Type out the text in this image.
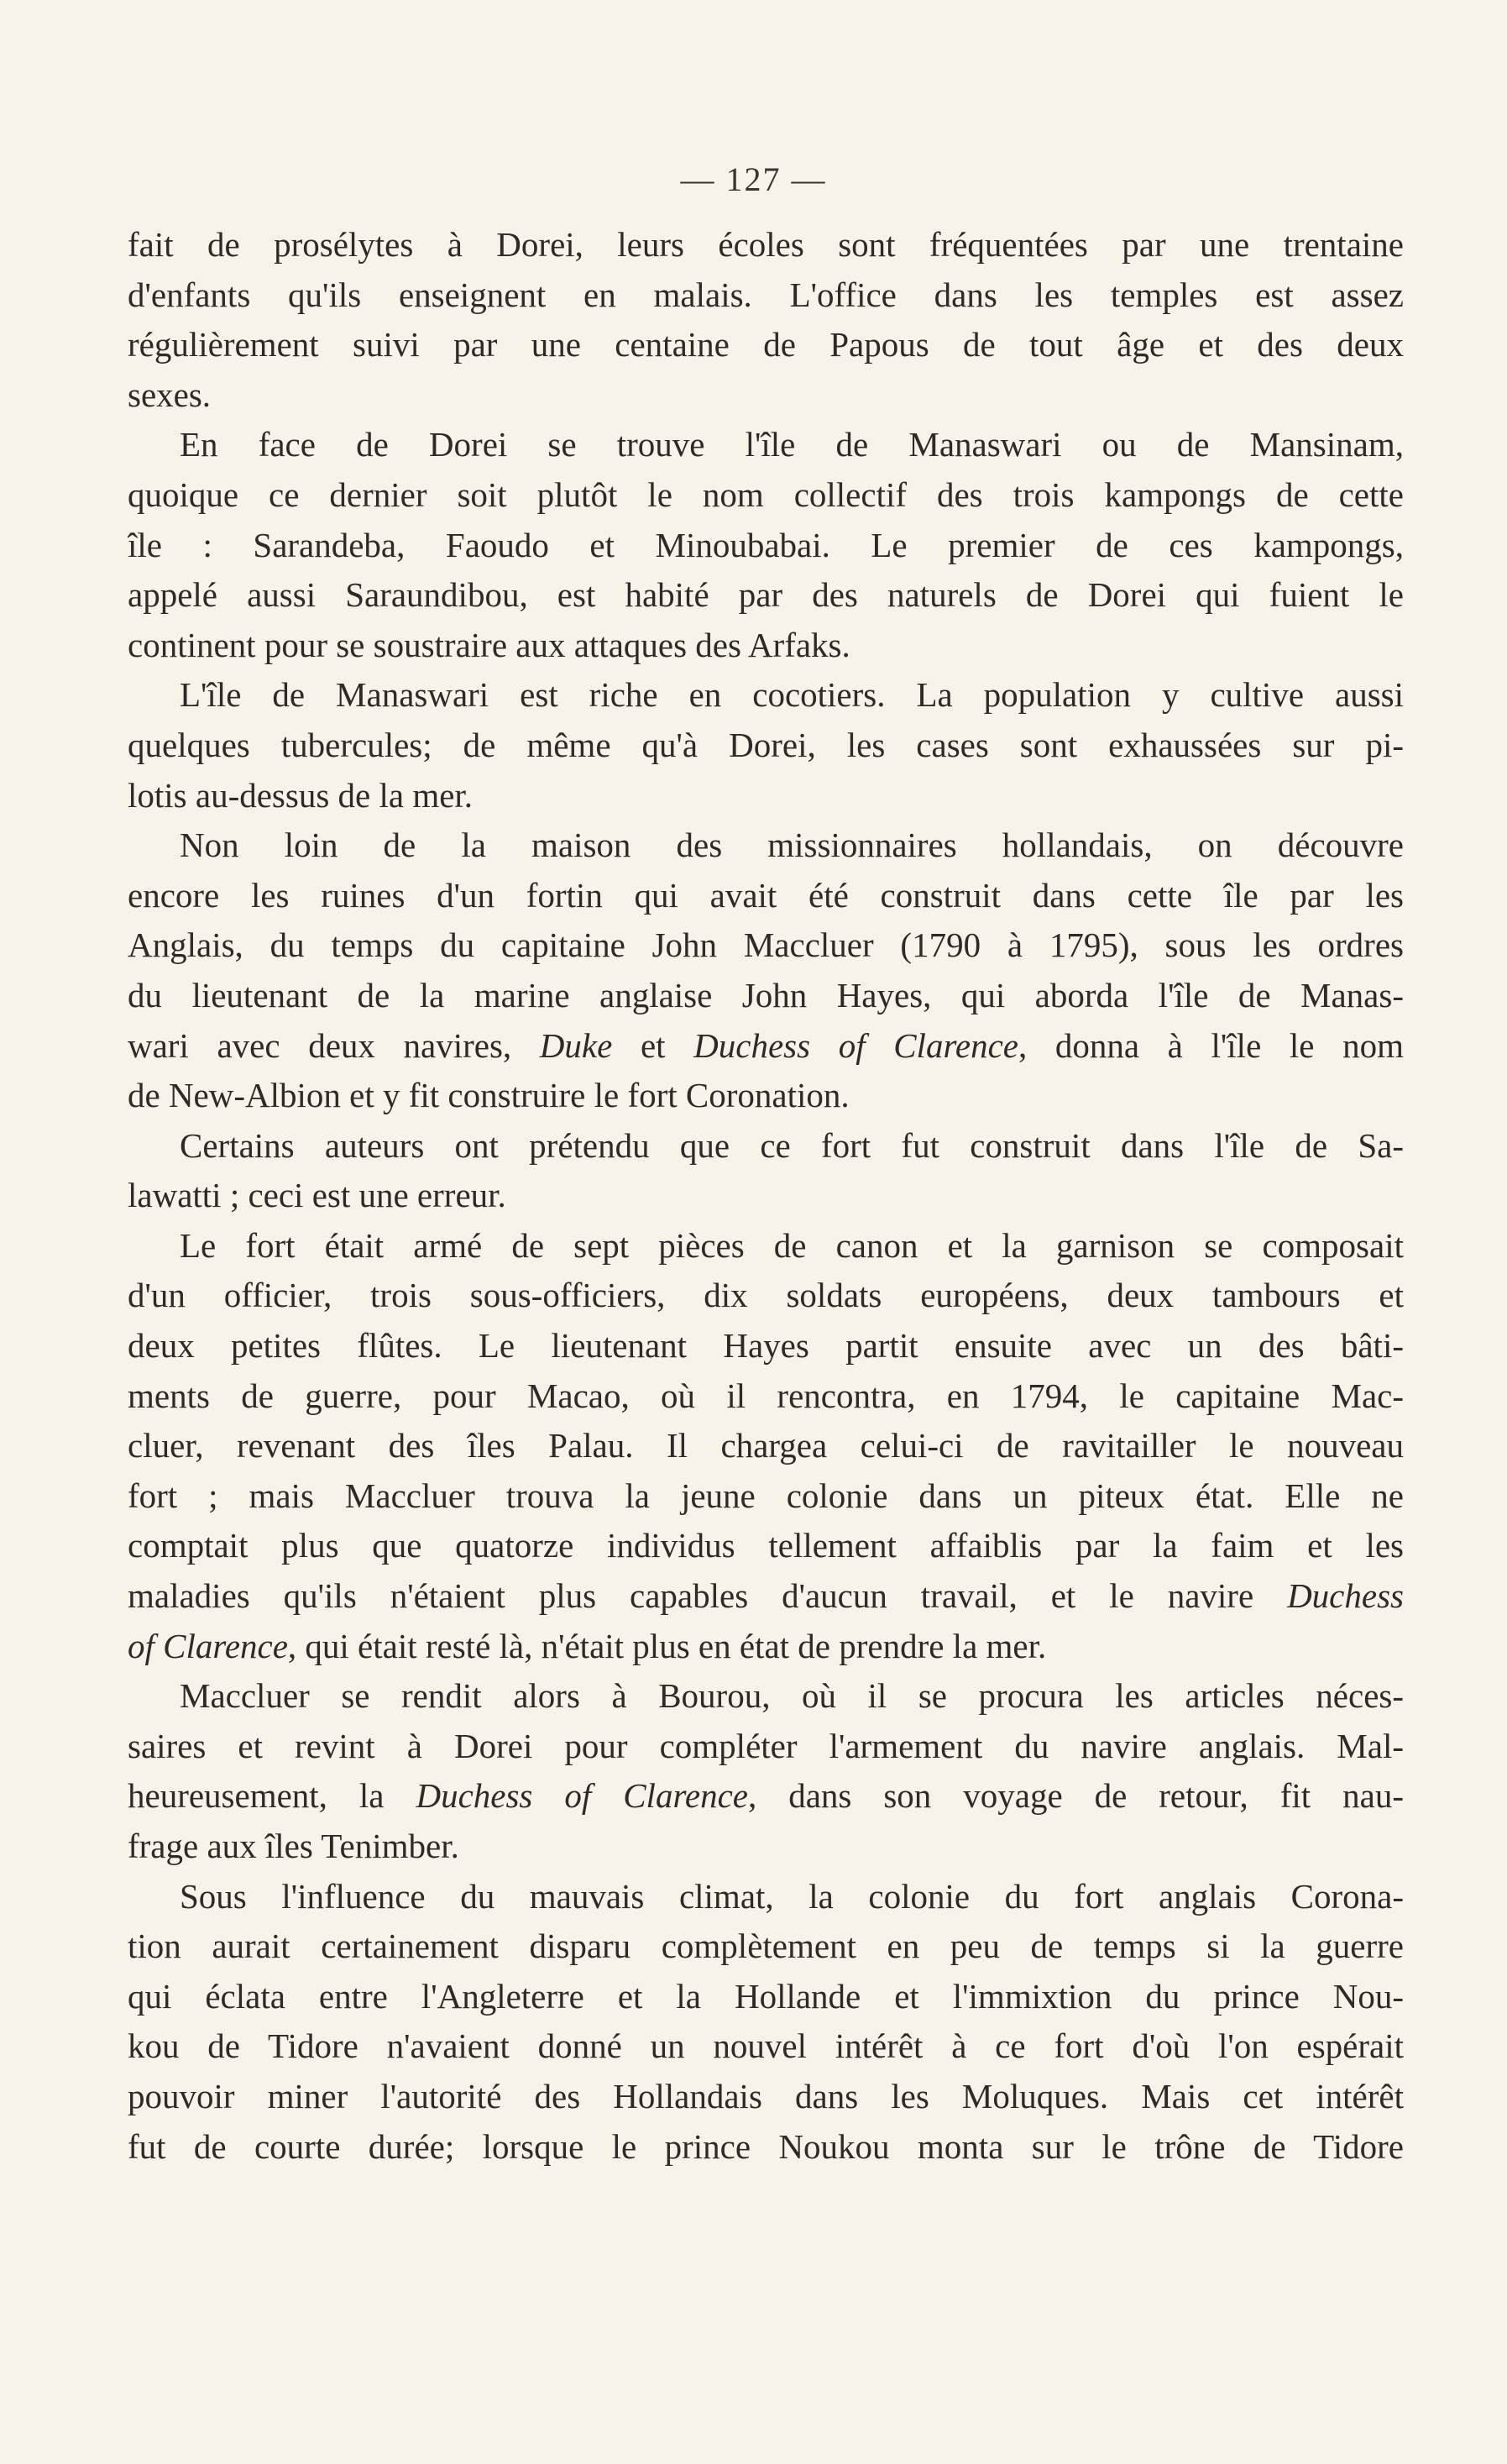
— 127 —
fait de prosélytes à Dorei, leurs écoles sont fréquentées par une trentaine
d'enfants qu'ils enseignent en malais. L'office dans les temples est assez
régulièrement suivi par une centaine de Papous de tout âge et des deux
sexes.
En face de Dorei se trouve l'île de Manaswari ou de Mansinam,
quoique ce dernier soit plutôt le nom collectif des trois kampongs de cette
île : Sarandeba, Faoudo et Minoubabai. Le premier de ces kampongs,
appelé aussi Saraundibou, est habité par des naturels de Dorei qui fuient le
continent pour se soustraire aux attaques des Arfaks.
L'île de Manaswari est riche en cocotiers. La population y cultive aussi
quelques tubercules; de même qu'à Dorei, les cases sont exhaussées sur pi-
lotis au-dessus de la mer.
Non loin de la maison des missionnaires hollandais, on découvre
encore les ruines d'un fortin qui avait été construit dans cette île par les
Anglais, du temps du capitaine John Maccluer (1790 à 1795), sous les ordres
du lieutenant de la marine anglaise John Hayes, qui aborda l'île de Manas-
wari avec deux navires, Duke et Duchess of Clarence, donna à l'île le nom
de New-Albion et y fit construire le fort Coronation.
Certains auteurs ont prétendu que ce fort fut construit dans l'île de Sa-
lawatti ; ceci est une erreur.
Le fort était armé de sept pièces de canon et la garnison se composait
d'un officier, trois sous-officiers, dix soldats européens, deux tambours et
deux petites flûtes. Le lieutenant Hayes partit ensuite avec un des bâti-
ments de guerre, pour Macao, où il rencontra, en 1794, le capitaine Mac-
cluer, revenant des îles Palau. Il chargea celui-ci de ravitailler le nouveau
fort ; mais Maccluer trouva la jeune colonie dans un piteux état. Elle ne
comptait plus que quatorze individus tellement affaiblis par la faim et les
maladies qu'ils n'étaient plus capables d'aucun travail, et le navire Duchess
of Clarence, qui était resté là, n'était plus en état de prendre la mer.
Maccluer se rendit alors à Bourou, où il se procura les articles néces-
saires et revint à Dorei pour compléter l'armement du navire anglais. Mal-
heureusement, la Duchess of Clarence, dans son voyage de retour, fit nau-
frage aux îles Tenimber.
Sous l'influence du mauvais climat, la colonie du fort anglais Corona-
tion aurait certainement disparu complètement en peu de temps si la guerre
qui éclata entre l'Angleterre et la Hollande et l'immixtion du prince Nou-
kou de Tidore n'avaient donné un nouvel intérêt à ce fort d'où l'on espérait
pouvoir miner l'autorité des Hollandais dans les Moluques. Mais cet intérêt
fut de courte durée; lorsque le prince Noukou monta sur le trône de Tidore
